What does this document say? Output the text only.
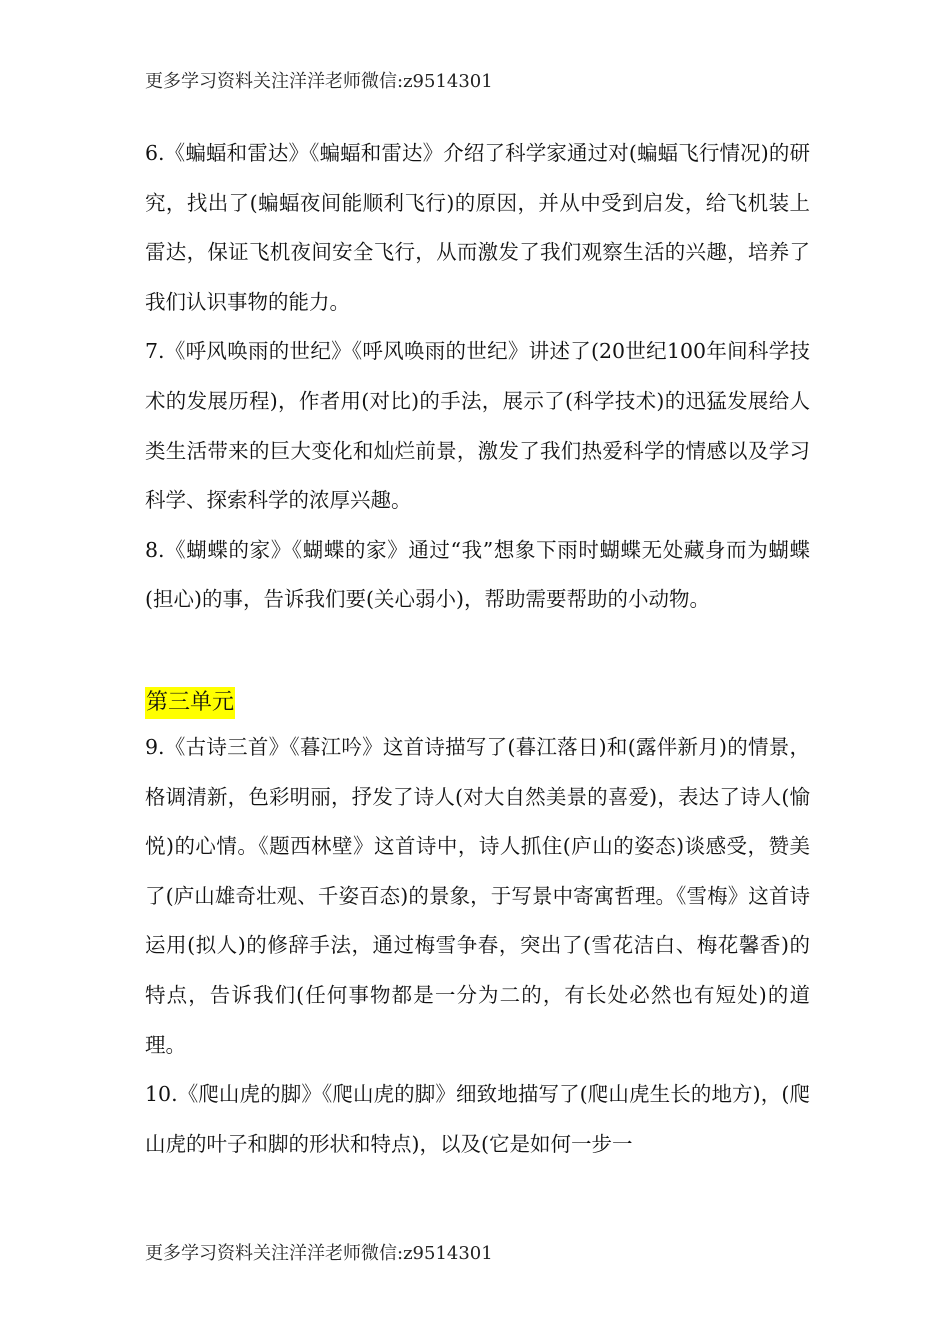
更多学习资料关注洋洋老师微信:z9514301

6.《蝙蝠和雷达》《蝙蝠和雷达》介绍了科学家通过对(蝙蝠飞行情况)的研究，找出了(蝙蝠夜间能顺利飞行)的原因，并从中受到启发，给飞机装上雷达，保证飞机夜间安全飞行，从而激发了我们观察生活的兴趣，培养了我们认识事物的能力。

7.《呼风唤雨的世纪》《呼风唤雨的世纪》讲述了(20世纪100年间科学技术的发展历程)，作者用(对比)的手法，展示了(科学技术)的迅猛发展给人类生活带来的巨大变化和灿烂前景，激发了我们热爱科学的情感以及学习科学、探索科学的浓厚兴趣。

8.《蝴蝶的家》《蝴蝶的家》通过“我”想象下雨时蝴蝶无处藏身而为蝴蝶(担心)的事，告诉我们要(关心弱小)，帮助需要帮助的小动物。

第三单元

9.《古诗三首》《暮江吟》这首诗描写了(暮江落日)和(露伴新月)的情景，格调清新，色彩明丽，抒发了诗人(对大自然美景的喜爱)，表达了诗人(愉悦)的心情。《题西林壁》这首诗中，诗人抓住(庐山的姿态)谈感受，赞美了(庐山雄奇壮观、千姿百态)的景象，于写景中寄寓哲理。《雪梅》这首诗运用(拟人)的修辞手法，通过梅雪争春，突出了(雪花洁白、梅花馨香)的特点，告诉我们(任何事物都是一分为二的，有长处必然也有短处)的道理。

10.《爬山虎的脚》《爬山虎的脚》细致地描写了(爬山虎生长的地方)，(爬山虎的叶子和脚的形状和特点)，以及(它是如何一步一

更多学习资料关注洋洋老师微信:z9514301
